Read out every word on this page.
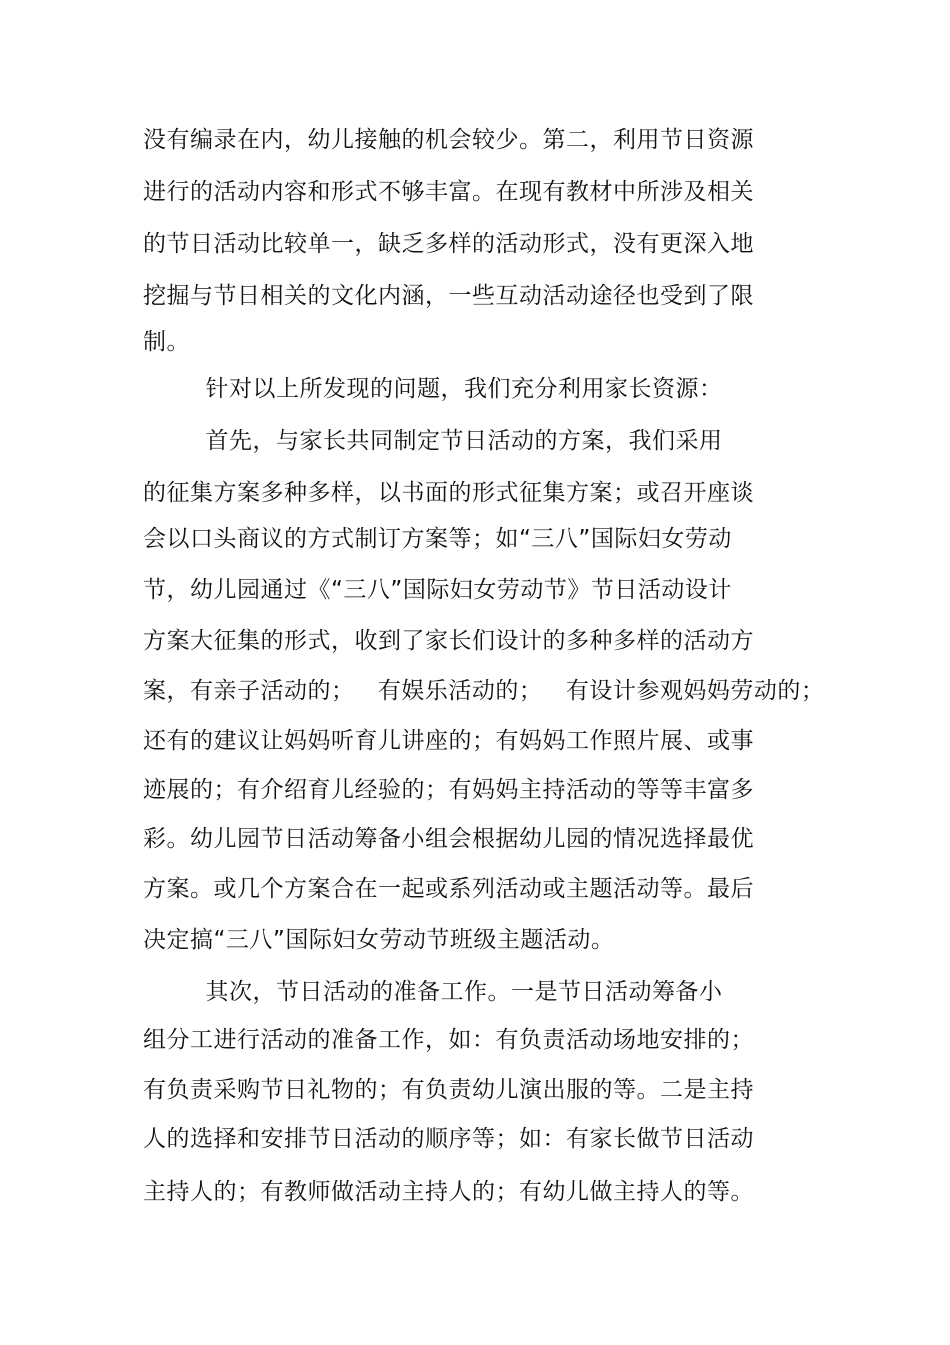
没有编录在内，幼儿接触的机会较少。第二，利用节日资源
进行的活动内容和形式不够丰富。在现有教材中所涉及相关
的节日活动比较单一，缺乏多样的活动形式，没有更深入地
挖掘与节日相关的文化内涵，一些互动活动途径也受到了限
制。
针对以上所发现的问题，我们充分利用家长资源：
首先，与家长共同制定节日活动的方案，我们采用
的征集方案多种多样，以书面的形式征集方案；或召开座谈
会以口头商议的方式制订方案等；如“三八”国际妇女劳动
节，幼儿园通过《“三八”国际妇女劳动节》节日活动设计
方案大征集的形式，收到了家长们设计的多种多样的活动方
案，有亲子活动的；   有娱乐活动的；   有设计参观妈妈劳动的；
还有的建议让妈妈听育儿讲座的；有妈妈工作照片展、或事
迹展的；有介绍育儿经验的；有妈妈主持活动的等等丰富多
彩。幼儿园节日活动筹备小组会根据幼儿园的情况选择最优
方案。或几个方案合在一起或系列活动或主题活动等。最后
决定搞“三八”国际妇女劳动节班级主题活动。
其次，节日活动的准备工作。一是节日活动筹备小
组分工进行活动的准备工作，如：有负责活动场地安排的；
有负责采购节日礼物的；有负责幼儿演出服的等。二是主持
人的选择和安排节日活动的顺序等；如：有家长做节日活动
主持人的；有教师做活动主持人的；有幼儿做主持人的等。
